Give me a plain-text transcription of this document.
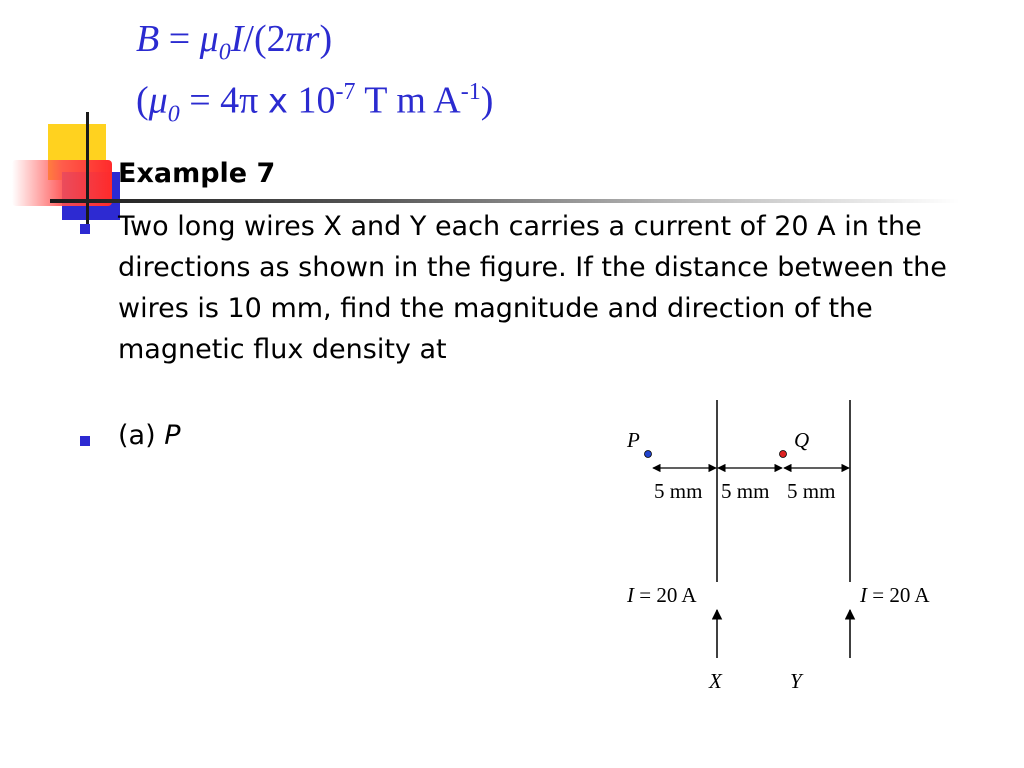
$B = \mu_0I/(2\pi r)$
($\mu_0 = 4\pi$ x $10^{-7}$ T m $A^{-1}$)
Example 7
Two long wires X and Y each carries a current of 20 A in the directions as shown in the figure. If the distance between the wires is 10 mm, find the magnitude and direction of the magnetic flux density at
(a) P	P	Q
5 mm 5 mm 5 mm
I = 20 A	I = 20 A
X	Y
